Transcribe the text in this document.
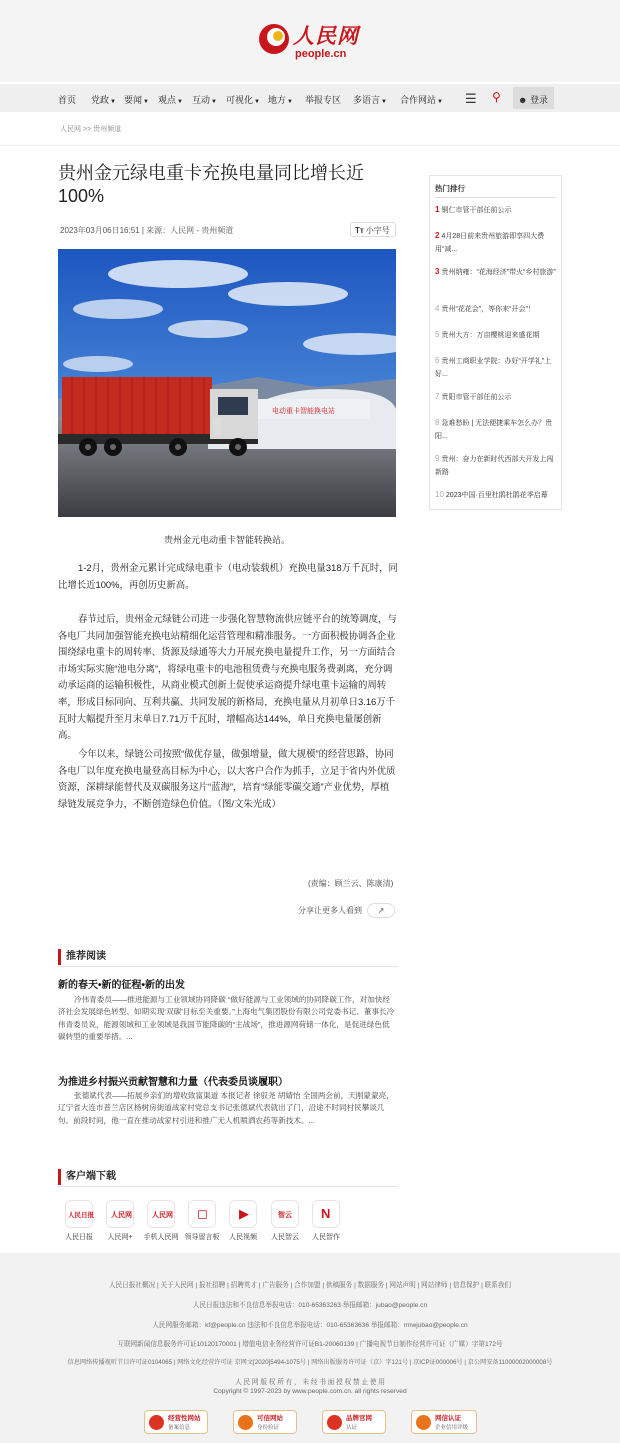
人民网
people.cn
首页 党政▼ 要闻▼ 观点▼ 互动▼ 可视化▼ 地方▼ 举报专区 多语言▼ 合作网站▼ ☰ ⚲	☻ 登录
人民网 >> 贵州频道
贵州金元绿电重卡充换电量同比增长近100%
2023年03月06日16:51 | 来源：人民网 - 贵州频道	Tт 小字号
电动重卡智能换电站
贵州金元电动重卡智能转换站。

1-2月，贵州金元累计完成绿电重卡（电动装载机）充换电量318万千瓦时，同比增长近100%，再创历史新高。

春节过后，贵州金元绿链公司进一步强化智慧物流供应链平台的统筹调度，与各电厂共同加强智能充换电站精细化运营管理和精准服务。一方面积极协调各企业围绕绿电重卡的周转率、货源及绿通等大力开展充换电量提升工作，另一方面结合市场实际实施“池电分离”，将绿电重卡的电池租赁费与充换电服务费剥离，充分调动承运商的运输积极性，从商业模式创新上促使承运商提升绿电重卡运输的周转率，形成目标同向、互利共赢、共同发展的新格局，充换电量从月初单日3.16万千瓦时大幅提升至月末单日7.71万千瓦时，增幅高达144%，单日充换电量屡创新高。

今年以来，绿链公司按照“做优存量，做强增量，做大规模”的经营思路，协同各电厂以年度充换电量登高目标为中心，以大客户合作为抓手，立足于省内外优质资源，深耕绿能替代及双碳服务这片“蓝海”，培育“绿能零碳交通”产业优势，厚植绿链发展竞争力，不断创造绿色价值。（图/文朱光成）

(责编：顾兰云、陈康清)
分享让更多人看到	↗
推荐阅读
新的春天•新的征程•新的出发
冷伟青委员——推进能源与工业领域协同降碳 “做好能源与工业领域的协同降碳工作，对加快经济社会发展绿色转型、如期实现‘双碳’目标至关重要。”上海电气集团股份有限公司党委书记、董事长冷伟青委员说，能源领域和工业领域是我国节能降碳的“主战场”，推进源网荷储一体化，是促进绿色低碳转型的重要举措。...
为推进乡村振兴贡献智慧和力量（代表委员谈履职）
张德斌代表——拓展乡亲们的增收致富渠道 本报记者 徐驭尧 胡婧怡 全国两会前，天刚蒙蒙亮，辽宁省大连市普兰店区杨树房街道战家村党总支书记张德斌代表就出了门，沿途不时同村民攀谈几句。前段时间，他一直在推动战家村引进和推广无人机喷洒农药等新技术。...
客户端下载
人民日报
人民日报
人民网
人民网+
人民网
手机人民网
◻
领导留言板
▶
人民视频
智云
人民智云
N
人民智作
热门排行
1 铜仁市管干部任前公示
2 4月28日前来贵州旅游即享四大费用“减...
3 贵州纳雍：“花海经济”带火“乡村旅游”
4 贵州“花花会”，等你来“开会”！
5 贵州大方：万亩樱桃迎来盛花期
6 贵州工商职业学院：办好“开学礼”上好...
7 贵阳市管干部任前公示
8 急难愁盼 | 无法便捷乘车怎么办？贵阳...
9 贵州：奋力在新时代西部大开发上闯新路
10 2023中国·百里杜鹃杜鹃花季启幕
人民日报社概况 | 关于人民网 | 报社招聘 | 招聘英才 | 广告服务 | 合作加盟 | 供稿服务 | 数据服务 | 网站声明 | 网站律师 | 信息保护 | 联系我们
人民日报违法和不良信息举报电话：010-65363263 举报邮箱：jubao@people.cn
人民网服务邮箱：kf@people.cn 违法和不良信息举报电话：010-65363636 举报邮箱：rmwjubao@people.cn
互联网新闻信息服务许可证10120170001 | 增值电信业务经营许可证B1-20060139 | 广播电视节目制作经营许可证（广媒）字第172号
信息网络传播视听节目许可证0104065 | 网络文化经营许可证 京网文[2020]5494-1075号 | 网络出版服务许可证（京）字121号 | 京ICP证000006号 | 京公网安备11000002000008号
人 民 网 版 权 所 有 ， 未 经 书 面 授 权 禁 止 使 用
Copyright © 1997-2023 by www.people.com.cn. all rights reserved
经营性网站
备案信息
可信网站
身份验证
品牌官网
认证
网信认证
企业信用评级
